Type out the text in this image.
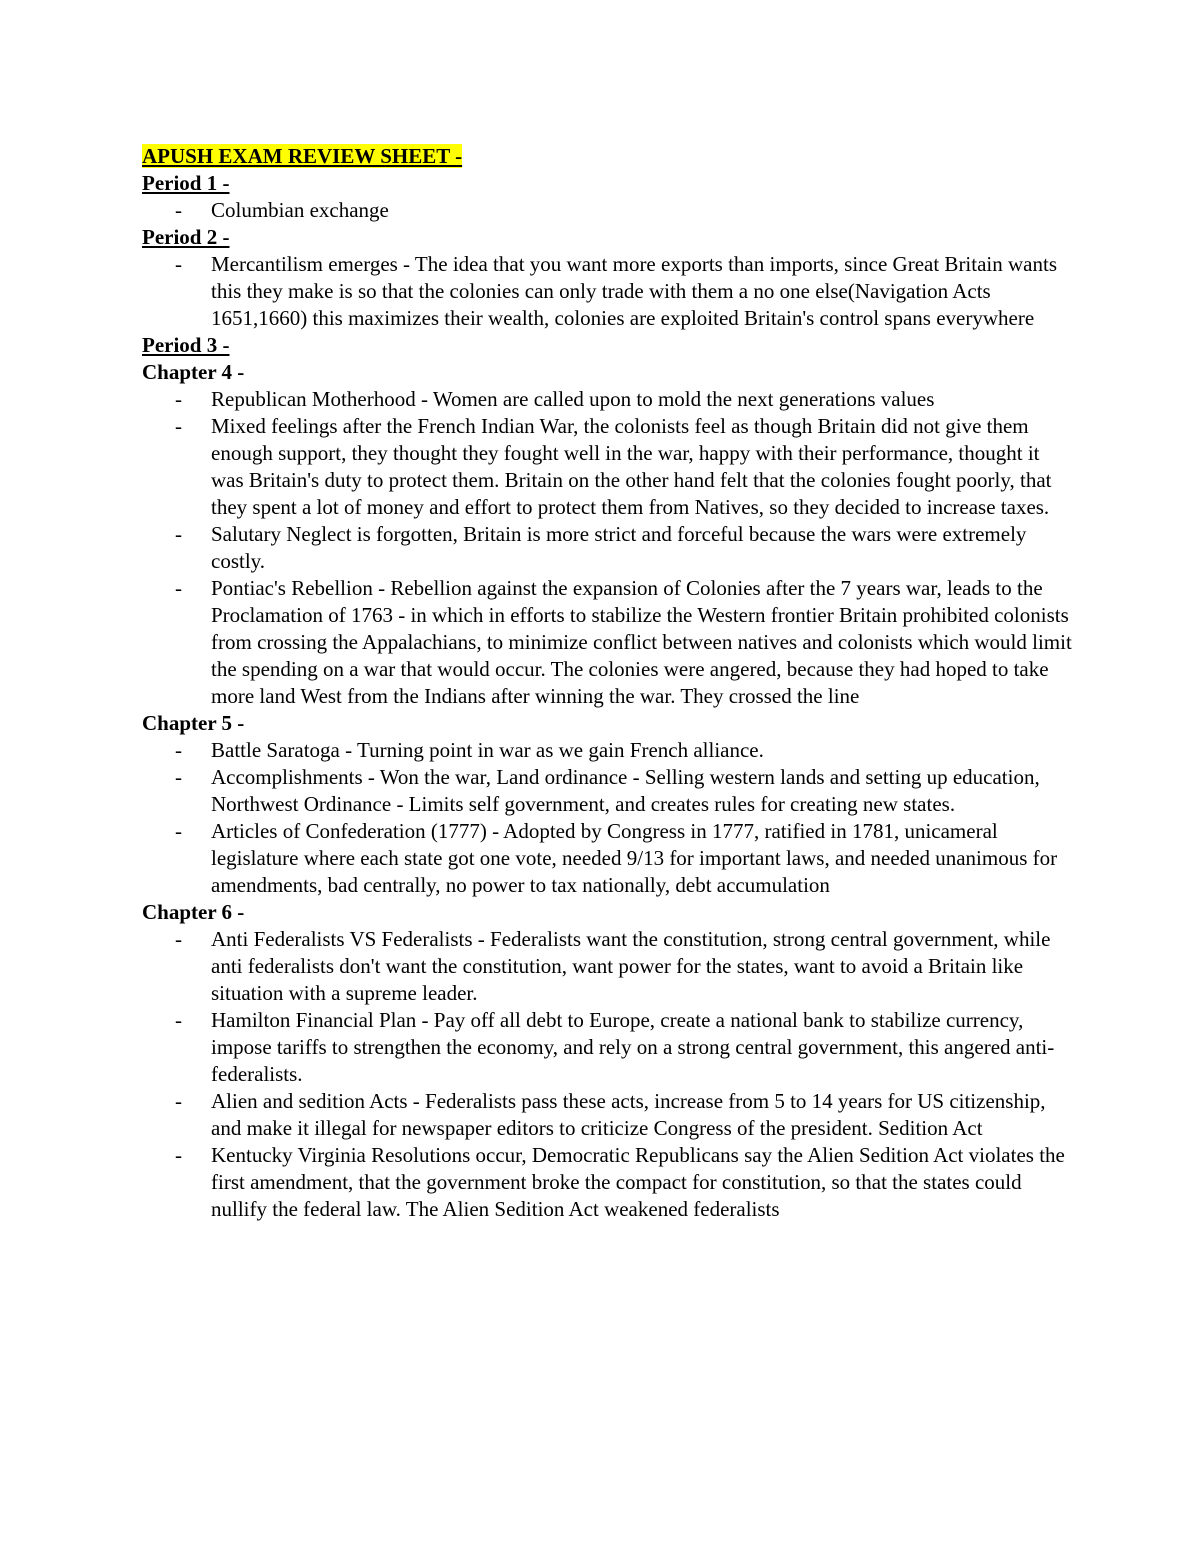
APUSH EXAM REVIEW SHEET -
Period 1 -
- Columbian exchange
Period 2 -
- Mercantilism emerges - The idea that you want more exports than imports, since Great Britain wants this they make is so that the colonies can only trade with them a no one else(Navigation Acts 1651,1660) this maximizes their wealth, colonies are exploited Britain's control spans everywhere
Period 3 -
Chapter 4 -
- Republican Motherhood - Women are called upon to mold the next generations values
- Mixed feelings after the French Indian War, the colonists feel as though Britain did not give them enough support, they thought they fought well in the war, happy with their performance, thought it was Britain's duty to protect them. Britain on the other hand felt that the colonies fought poorly, that they spent a lot of money and effort to protect them from Natives, so they decided to increase taxes.
- Salutary Neglect is forgotten, Britain is more strict and forceful because the wars were extremely costly.
- Pontiac's Rebellion - Rebellion against the expansion of Colonies after the 7 years war, leads to the Proclamation of 1763 - in which in efforts to stabilize the Western frontier Britain prohibited colonists from crossing the Appalachians, to minimize conflict between natives and colonists which would limit the spending on a war that would occur. The colonies were angered, because they had hoped to take more land West from the Indians after winning the war. They crossed the line
Chapter 5 -
- Battle Saratoga - Turning point in war as we gain French alliance.
- Accomplishments - Won the war, Land ordinance - Selling western lands and setting up education, Northwest Ordinance - Limits self government, and creates rules for creating new states.
- Articles of Confederation (1777) - Adopted by Congress in 1777, ratified in 1781, unicameral legislature where each state got one vote, needed 9/13 for important laws, and needed unanimous for amendments, bad centrally, no power to tax nationally, debt accumulation
Chapter 6 -
- Anti Federalists VS Federalists - Federalists want the constitution, strong central government, while anti federalists don't want the constitution, want power for the states, want to avoid a Britain like situation with a supreme leader.
- Hamilton Financial Plan - Pay off all debt to Europe, create a national bank to stabilize currency, impose tariffs to strengthen the economy, and rely on a strong central government, this angered anti-federalists.
- Alien and sedition Acts - Federalists pass these acts, increase from 5 to 14 years for US citizenship, and make it illegal for newspaper editors to criticize Congress of the president. Sedition Act
- Kentucky Virginia Resolutions occur, Democratic Republicans say the Alien Sedition Act violates the first amendment, that the government broke the compact for constitution, so that the states could nullify the federal law. The Alien Sedition Act weakened federalists
